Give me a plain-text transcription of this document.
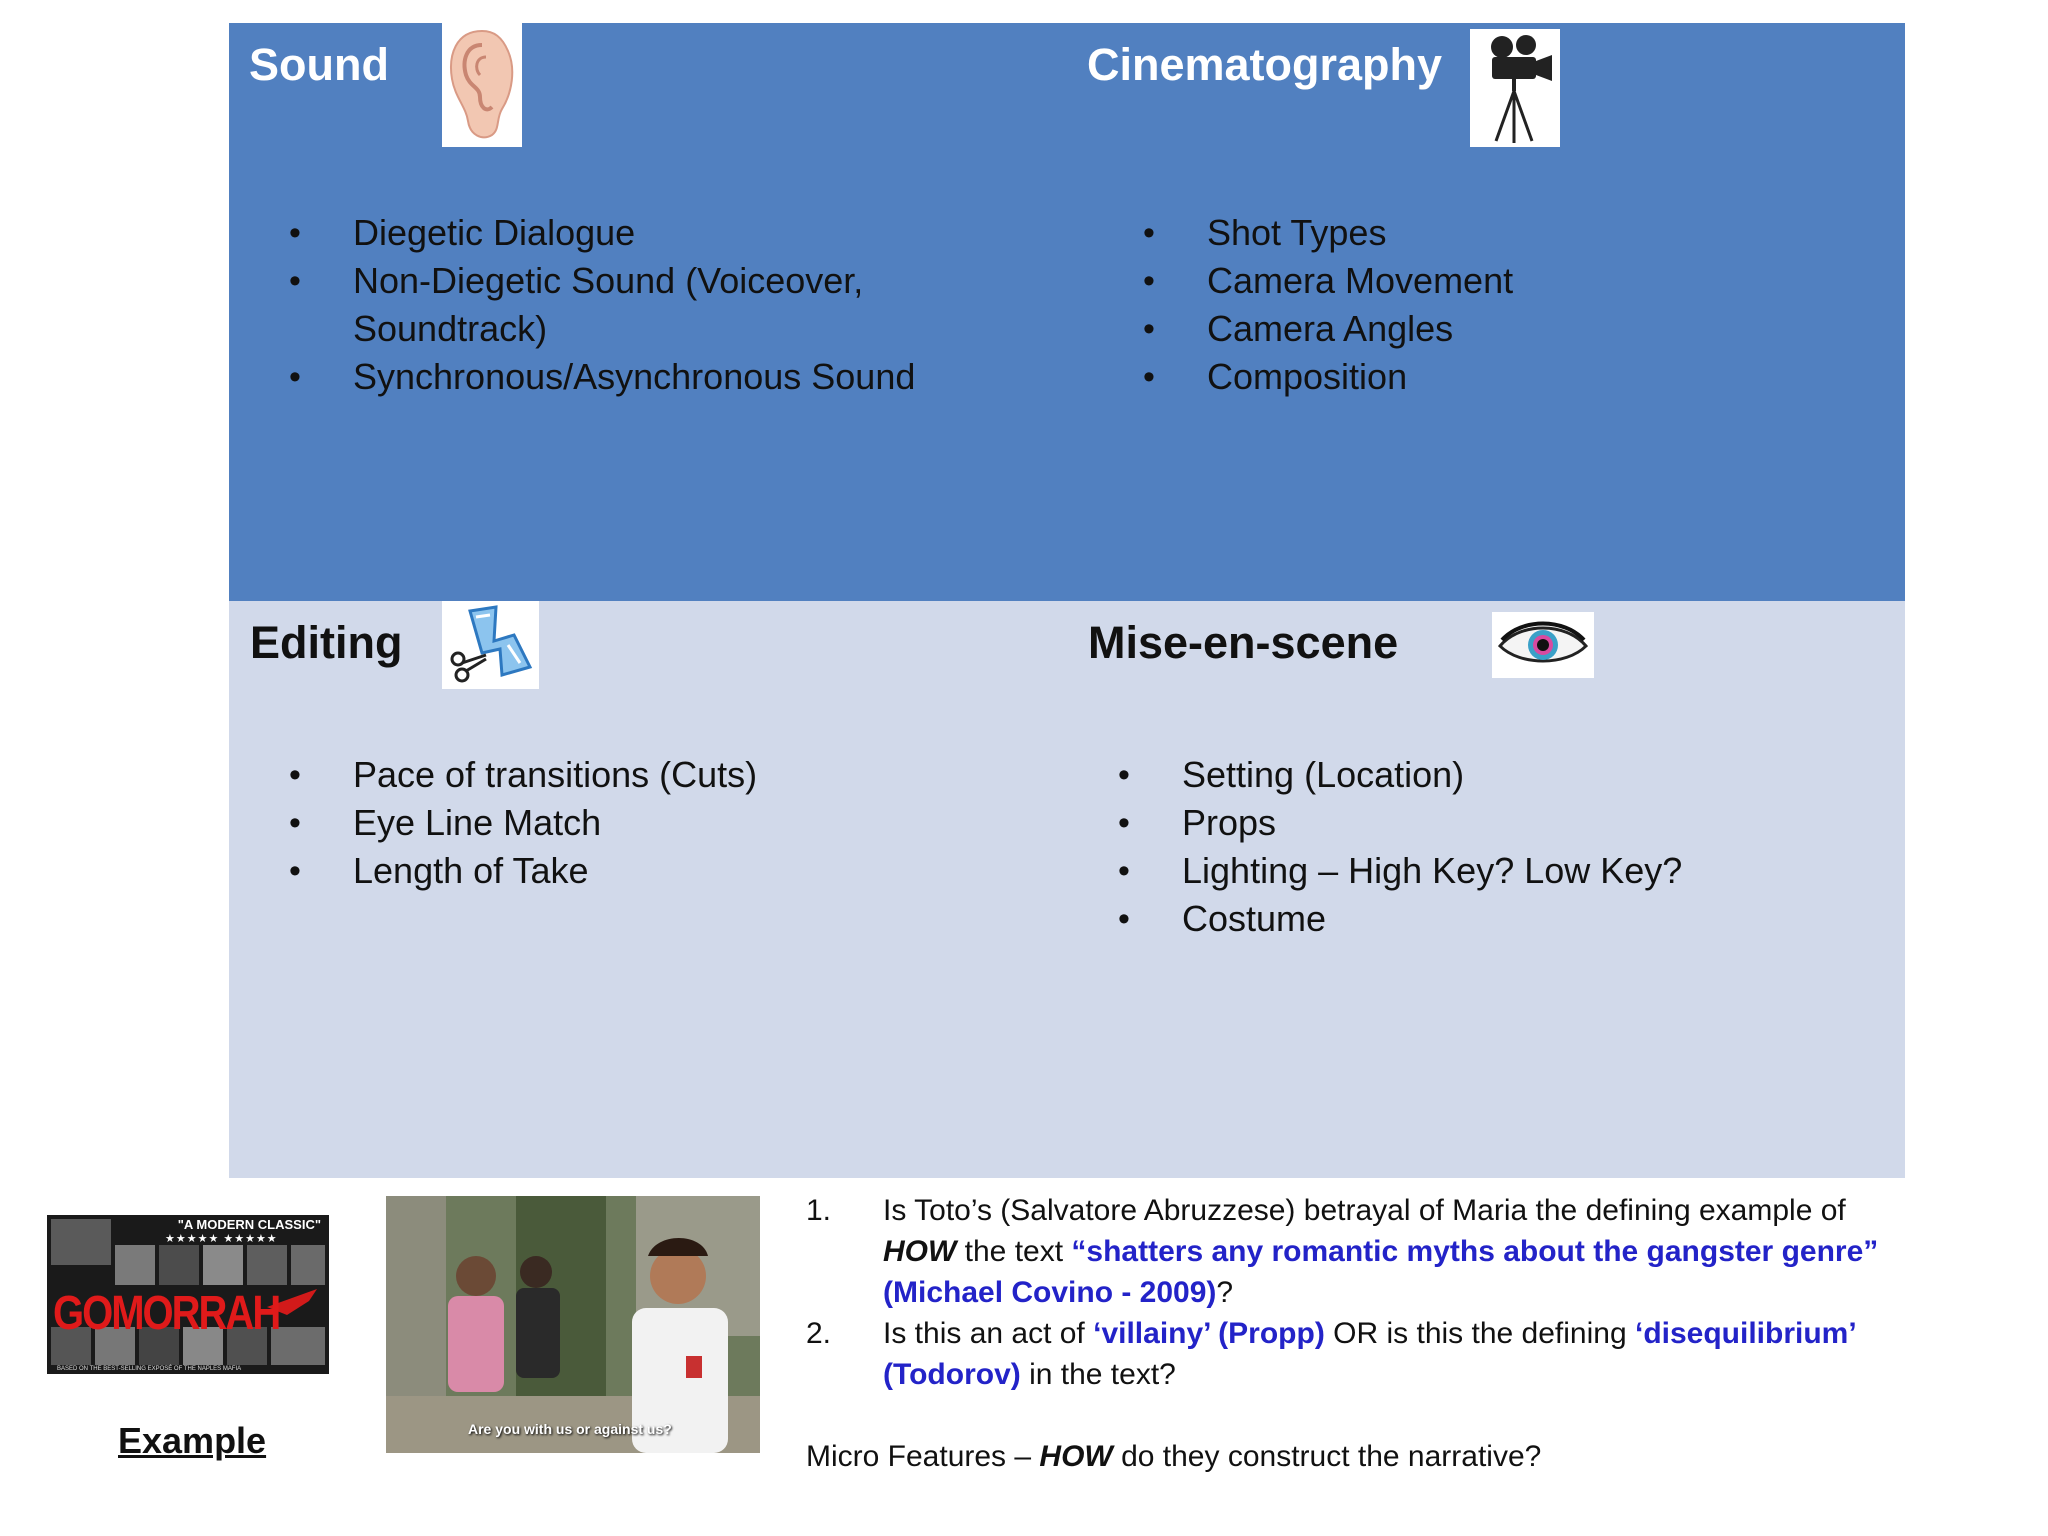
Sound
• Diegetic Dialogue
• Non-Diegetic Sound (Voiceover,
Soundtrack)
• Synchronous/Asynchronous Sound
Cinematography
• Shot Types
• Camera Movement
• Camera Angles
• Composition
Editing
• Pace of transitions (Cuts)
• Eye Line Match
• Length of Take
Mise-en-scene
• Setting (Location)
• Props
• Lighting – High Key? Low Key?
• Costume
"A MODERN CLASSIC"
★★★★★ ★★★★★
GOMORRAH
BASED ON THE BEST-SELLING EXPOSÉ OF THE NAPLES MAFIA
Are you with us or against us?
Example
1. Is Toto’s (Salvatore Abruzzese) betrayal of Maria the defining example of HOW the text “shatters any romantic myths about the gangster genre” (Michael Covino - 2009)?
2. Is this an act of ‘villainy’ (Propp) OR is this the defining ‘disequilibrium’ (Todorov) in the text?
Micro Features – HOW do they construct the narrative?
